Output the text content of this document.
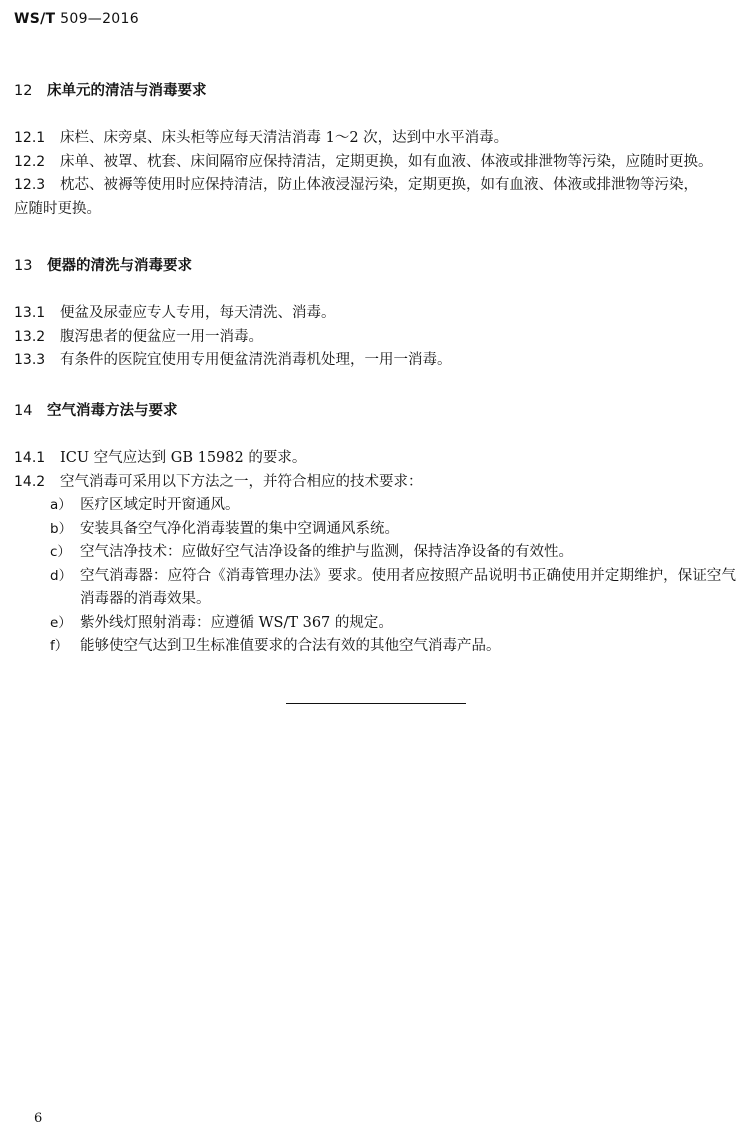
WS/T 509—2016
12 床单元的清洁与消毒要求
12.1	床栏、床旁桌、床头柜等应每天清洁消毒 1～2 次，达到中水平消毒。
12.2	床单、被罩、枕套、床间隔帘应保持清洁，定期更换，如有血液、体液或排泄物等污染，应随时更换。
12.3	枕芯、被褥等使用时应保持清洁，防止体液浸湿污染，定期更换，如有血液、体液或排泄物等污染，
应随时更换。
13 便器的清洗与消毒要求
13.1	便盆及尿壶应专人专用，每天清洗、消毒。
13.2	腹泻患者的便盆应一用一消毒。
13.3	有条件的医院宜使用专用便盆清洗消毒机处理，一用一消毒。
14 空气消毒方法与要求
14.1	ICU 空气应达到 GB 15982 的要求。
14.2	空气消毒可采用以下方法之一，并符合相应的技术要求：
a） 医疗区域定时开窗通风。
b） 安装具备空气净化消毒装置的集中空调通风系统。
c） 空气洁净技术：应做好空气洁净设备的维护与监测，保持洁净设备的有效性。
d） 空气消毒器：应符合《消毒管理办法》要求。使用者应按照产品说明书正确使用并定期维护，保证空气消毒器的消毒效果。
e） 紫外线灯照射消毒：应遵循 WS/T 367 的规定。
f） 能够使空气达到卫生标准值要求的合法有效的其他空气消毒产品。
6
